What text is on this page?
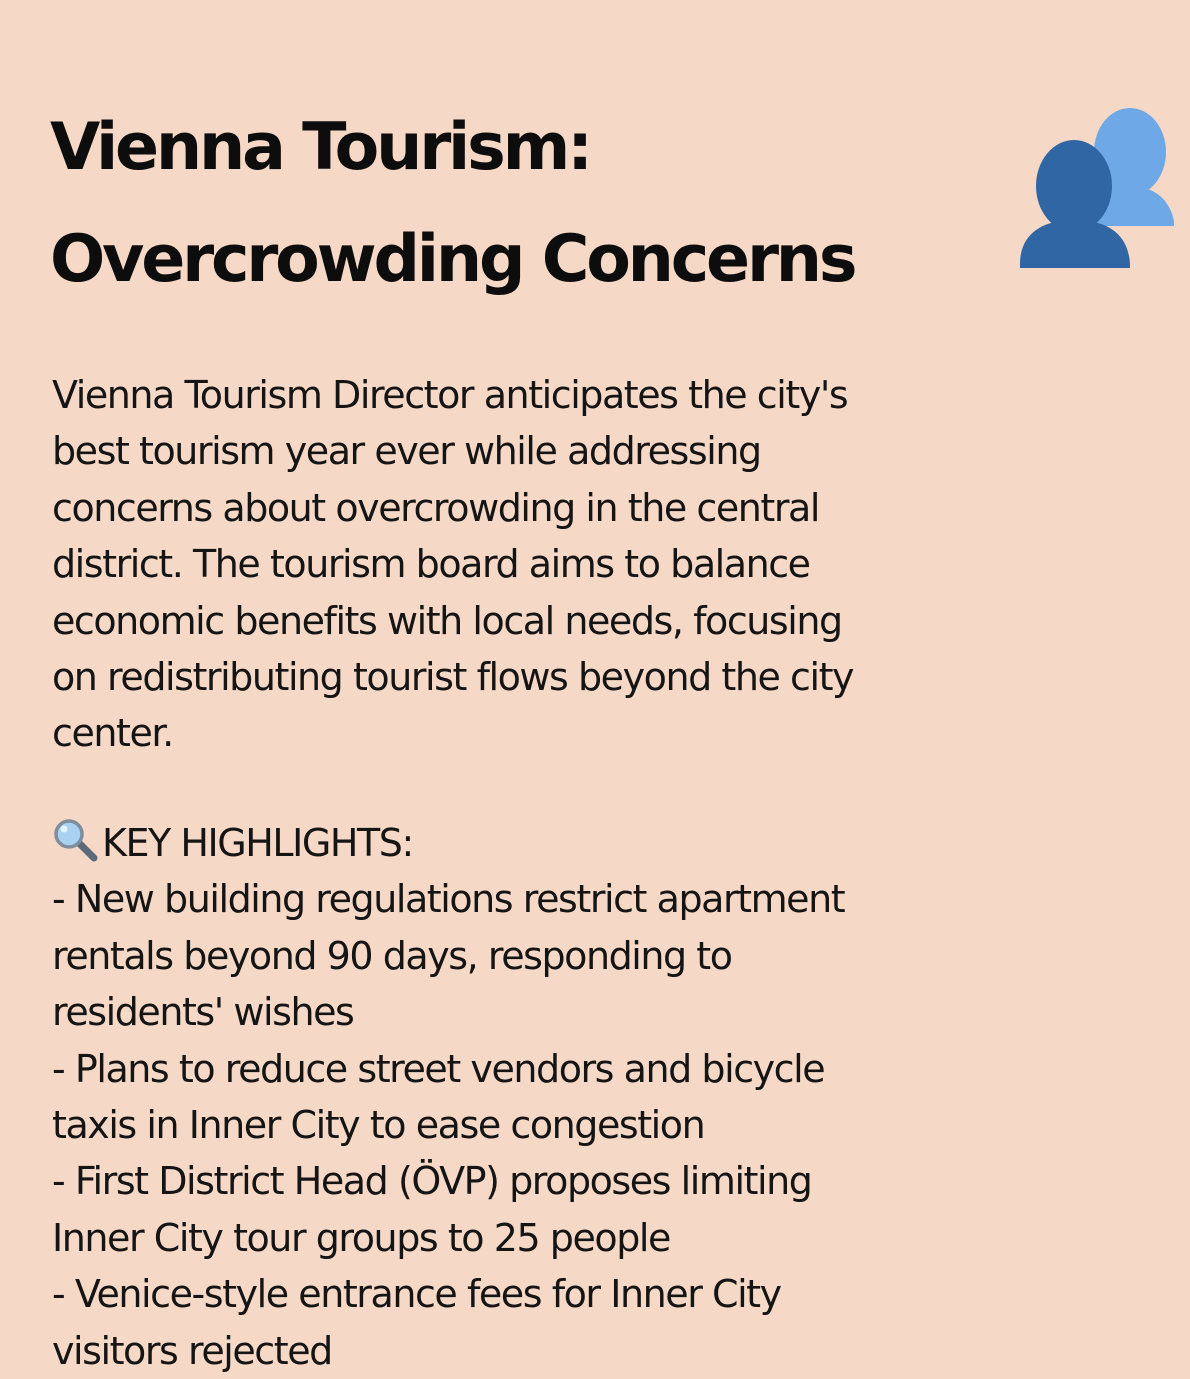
Vienna Tourism:
Overcrowding Concerns

Vienna Tourism Director anticipates the city's
best tourism year ever while addressing
concerns about overcrowding in the central
district. The tourism board aims to balance
economic benefits with local needs, focusing
on redistributing tourist flows beyond the city
center.

KEY HIGHLIGHTS:
- New building regulations restrict apartment
rentals beyond 90 days, responding to
residents' wishes
- Plans to reduce street vendors and bicycle
taxis in Inner City to ease congestion
- First District Head (ÖVP) proposes limiting
Inner City tour groups to 25 people
- Venice-style entrance fees for Inner City
visitors rejected
